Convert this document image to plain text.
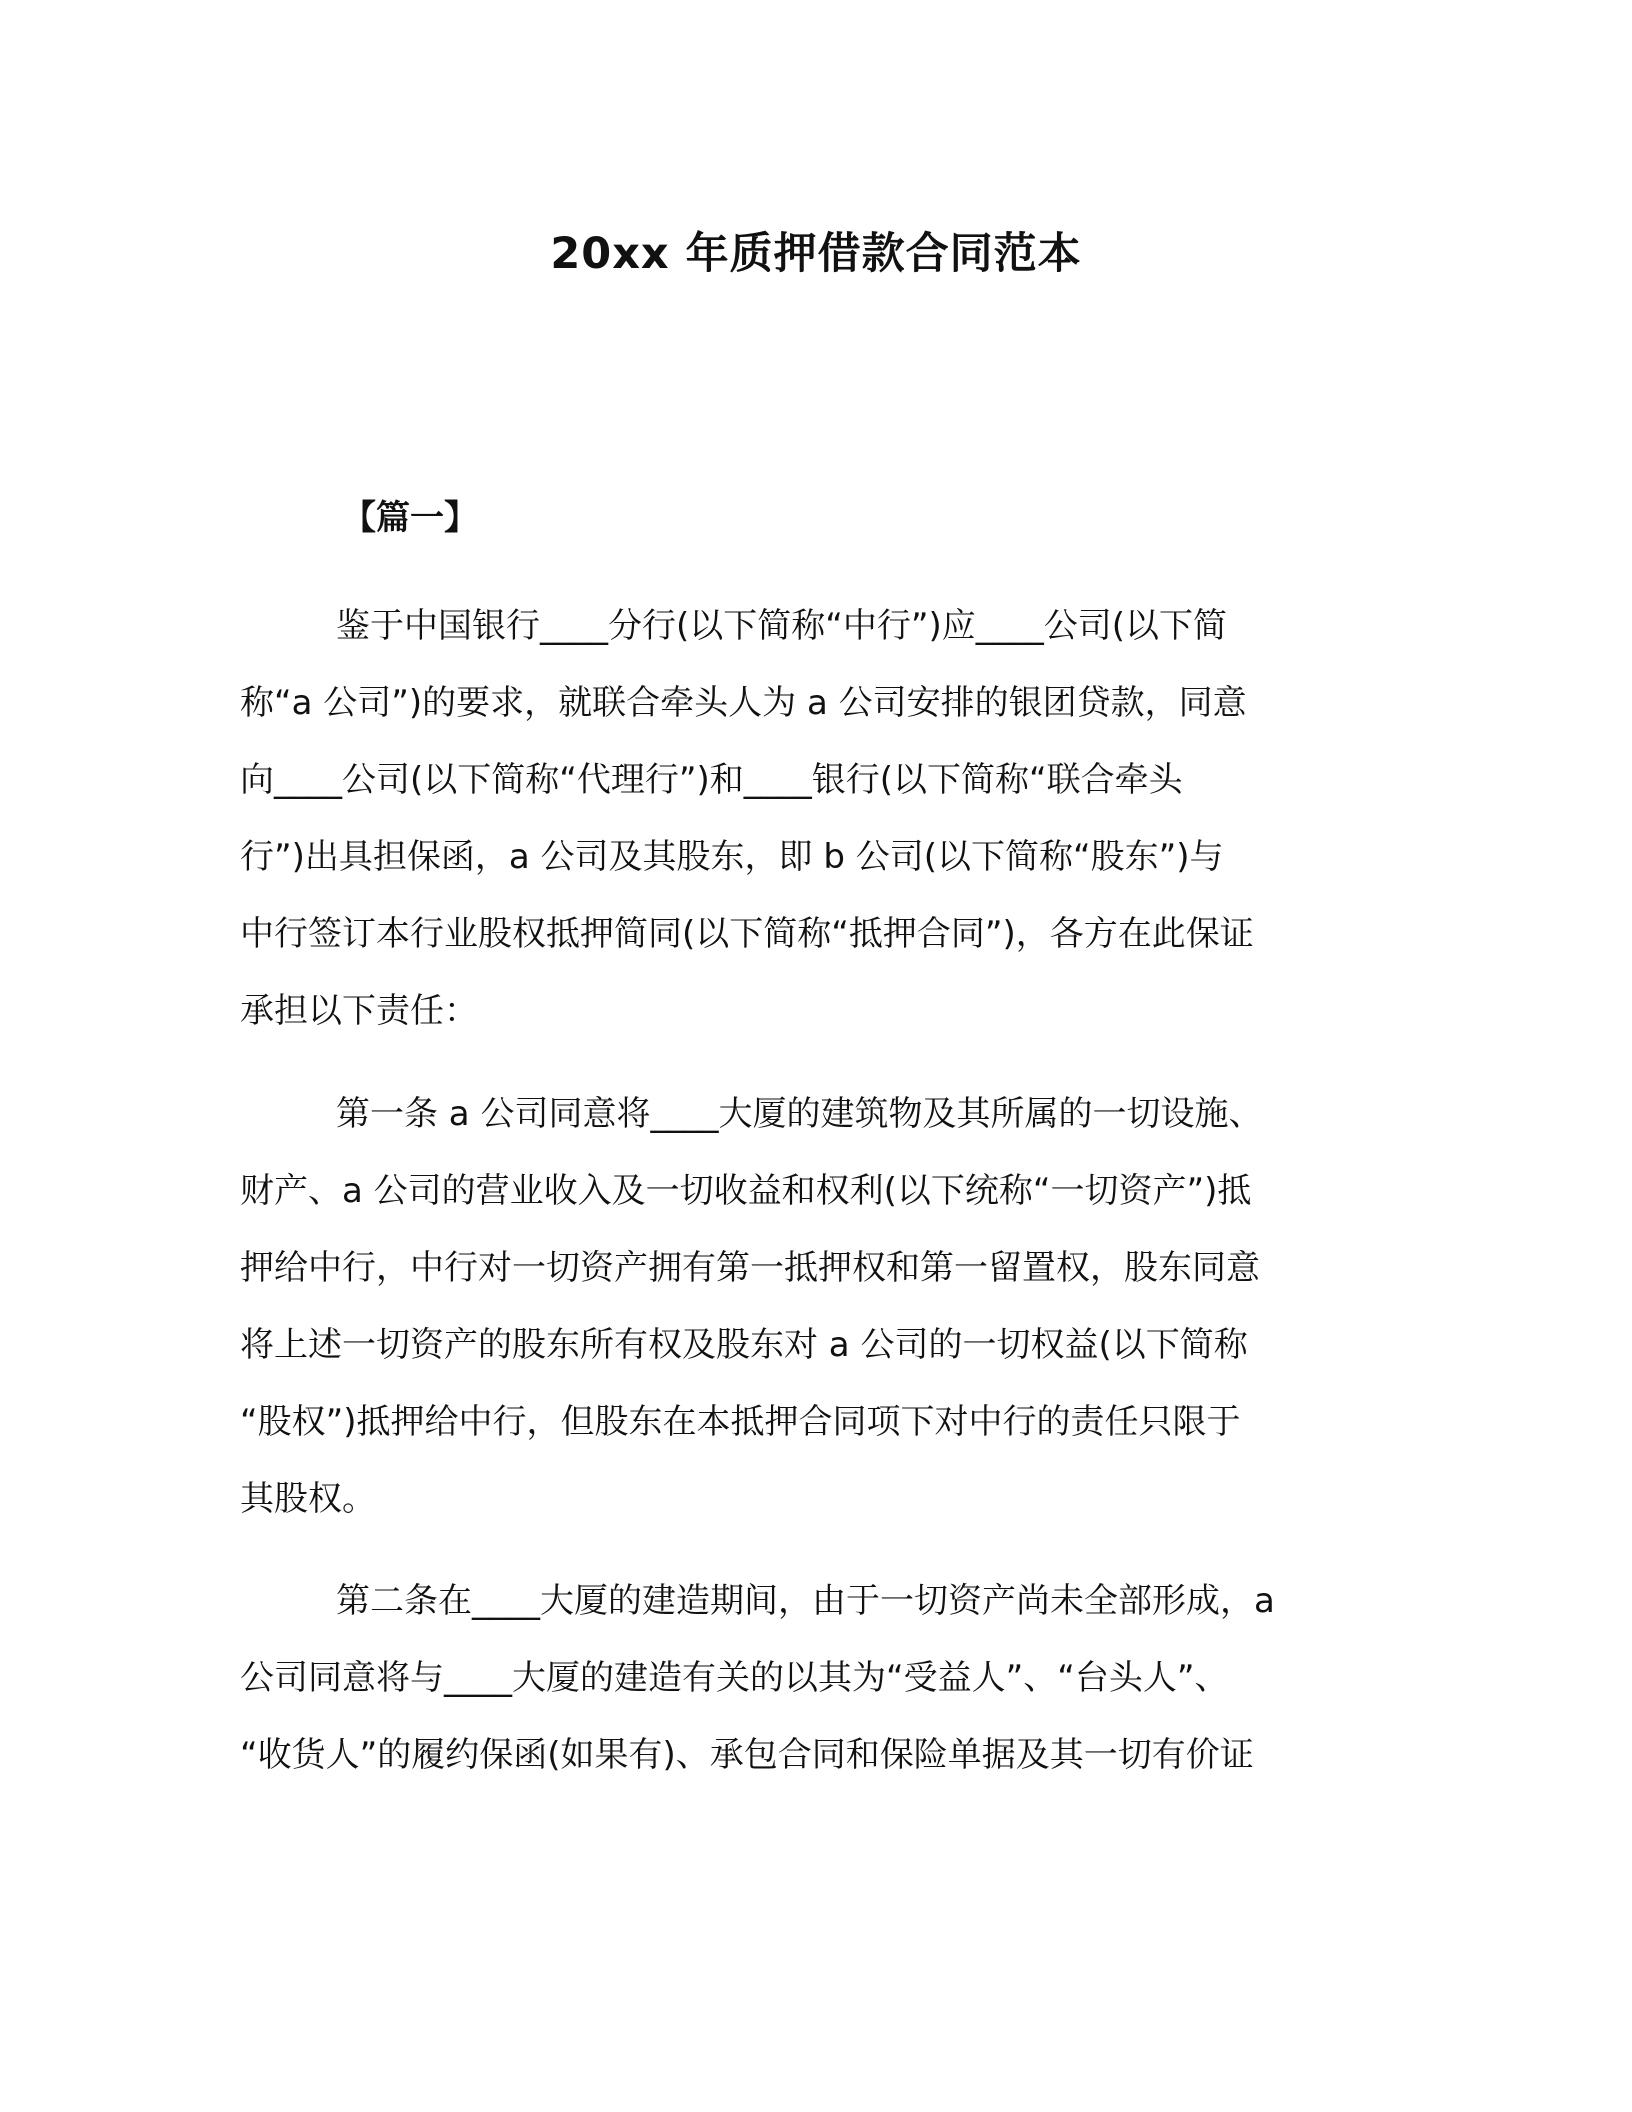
20xx 年质押借款合同范本
【篇一】
鉴于中国银行____分行(以下简称“中行”)应____公司(以下简
称“a 公司”)的要求，就联合牵头人为 a 公司安排的银团贷款，同意
向____公司(以下简称“代理行”)和____银行(以下简称“联合牵头
行”)出具担保函，a 公司及其股东，即 b 公司(以下简称“股东”)与
中行签订本行业股权抵押简同(以下简称“抵押合同”)，各方在此保证
承担以下责任：
第一条 a 公司同意将____大厦的建筑物及其所属的一切设施、
财产、a 公司的营业收入及一切收益和权利(以下统称“一切资产”)抵
押给中行，中行对一切资产拥有第一抵押权和第一留置权，股东同意
将上述一切资产的股东所有权及股东对 a 公司的一切权益(以下简称
“股权”)抵押给中行，但股东在本抵押合同项下对中行的责任只限于
其股权。
第二条在____大厦的建造期间，由于一切资产尚未全部形成，a
公司同意将与____大厦的建造有关的以其为“受益人”、“台头人”、
“收货人”的履约保函(如果有)、承包合同和保险单据及其一切有价证
